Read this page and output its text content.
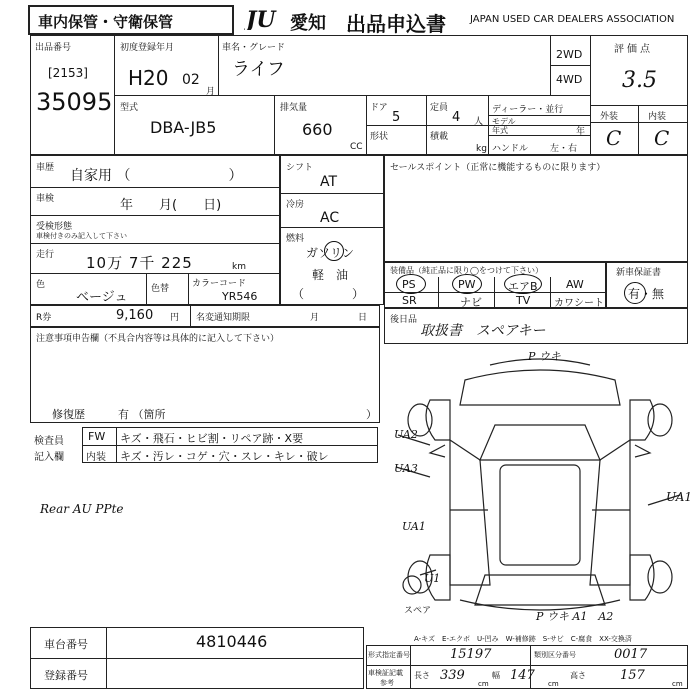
車内保管・守衛保管	JU 愛知 出品申込書 JAPAN USED CAR DEALERS ASSOCIATION
出品番号
[2153]
35095
初度登録年月
H20 02
月
車名・グレード
ライフ
2WD
4WD
評価点
3.5
外装	内装
C C
型式
DBA-JB5
排気量
660
CC
ドア
5
形状
定員
4 人
積載
kg
ディーラー・並行
モデル
年式	年
ハンドル 左・右
車歴 自家用 （　　　　　　　）
車検	年　　月(　　日)
受検形態
車検付きのみ記入して下さい
走行 10万 7千 225	km
色
ベージュ
色替	カラーコード
YR546
シフト
AT
冷房
AC
燃料
ガソリン
軽　油
（　　　　）
セールスポイント（正常に機能するものに限ります）
装備品（純正品に限り◯をつけて下さい）
PS	PW	エアB	AW
SR	ナビ	TV カワシート
新車保証書
有・無
R券	9,160 円 名変通知期限	月	日	後日品
取扱書　スペアキー
注意事項申告欄（不具合内容等は具体的に記入して下さい）
修復歴	有 （箇所	）
検査員
記入欄
FW キズ・飛石・ヒビ割・リペア跡・X要
内装 キズ・汚レ・コゲ・穴・スレ・キレ・破レ
Rear AU PPte
P ウキ
UA2
UA3
UA1
UA1
U1
スペア	P ウキ A1　A2
A-キズ　E-エクボ　U-凹み　W-補修跡　S-サビ　C-腐食　XX-交換済
車台番号	4810446
登録番号
形式指定番号	15197	類別区分番号	0017
車検証記載
参考
長さ 339
cm
幅 147
cm
高さ	157
cm
